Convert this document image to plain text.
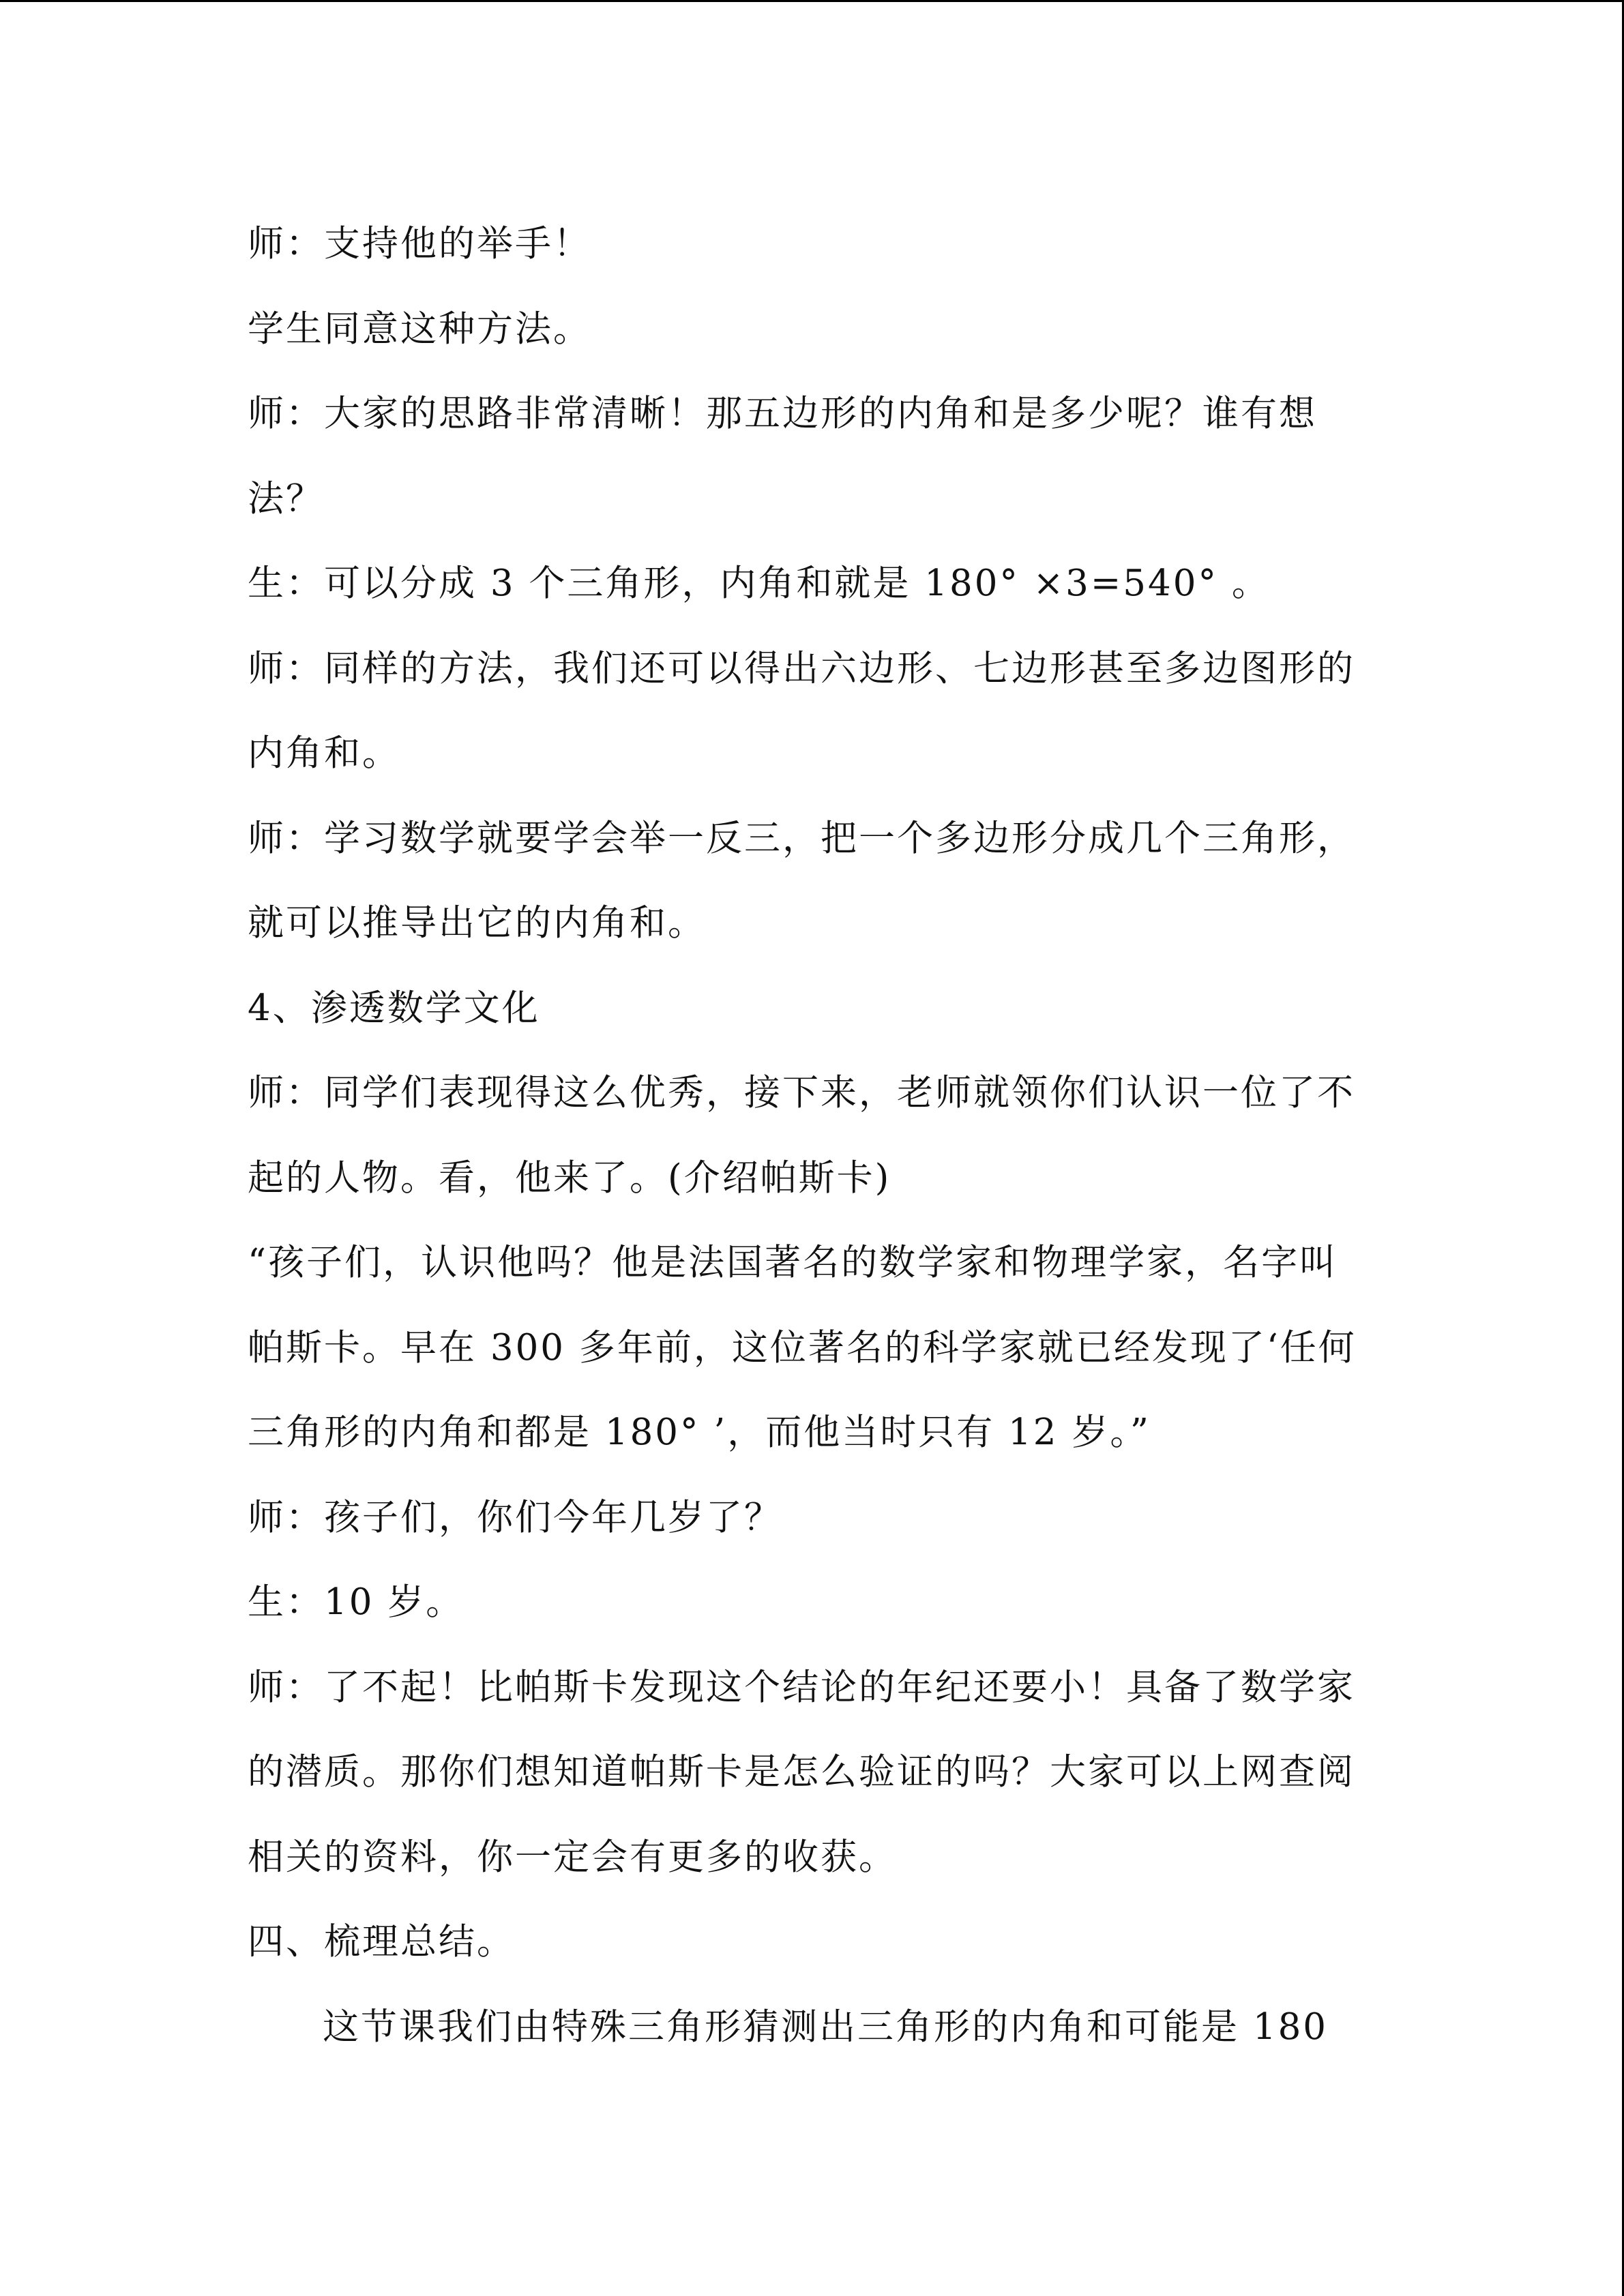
师：支持他的举手！
学生同意这种方法。
师：大家的思路非常清晰！那五边形的内角和是多少呢？谁有想
法？
生：可以分成 3 个三角形，内角和就是 180° ×3=540° 。
师：同样的方法，我们还可以得出六边形、七边形甚至多边图形的
内角和。
师：学习数学就要学会举一反三，把一个多边形分成几个三角形，
就可以推导出它的内角和。
4、渗透数学文化
师：同学们表现得这么优秀，接下来，老师就领你们认识一位了不
起的人物。看，他来了。(介绍帕斯卡)
“孩子们，认识他吗？他是法国著名的数学家和物理学家，名字叫
帕斯卡。早在 300 多年前，这位著名的科学家就已经发现了‘任何
三角形的内角和都是 180° ’，而他当时只有 12 岁。”
师：孩子们，你们今年几岁了？
生：10 岁。
师：了不起！比帕斯卡发现这个结论的年纪还要小！具备了数学家
的潜质。那你们想知道帕斯卡是怎么验证的吗？大家可以上网查阅
相关的资料，你一定会有更多的收获。
四、梳理总结。
这节课我们由特殊三角形猜测出三角形的内角和可能是 180
